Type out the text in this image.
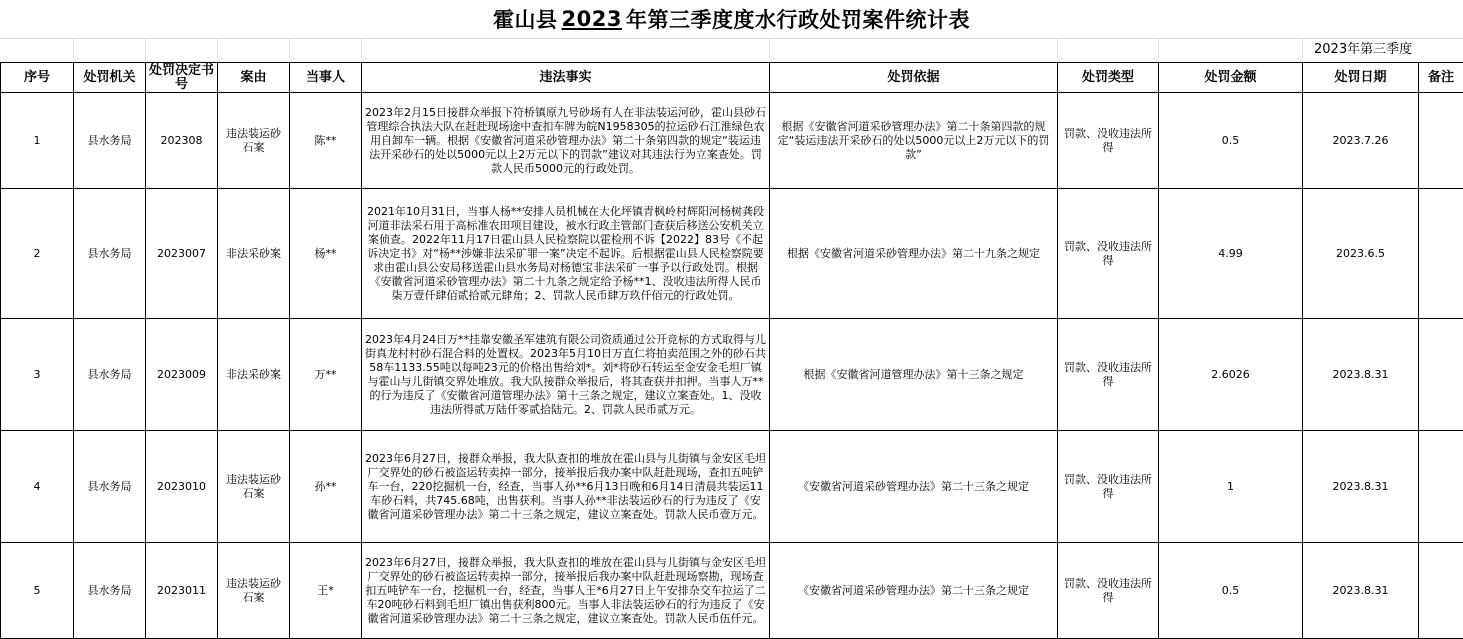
霍山县 2023 年第三季度度水行政处罚案件统计表
2023年第三季度
序号	处罚机关	处罚决定书号	案由	当事人	违法事实	处罚依据	处罚类型	处罚金额	处罚日期	备注
1	县水务局	202308	违法装运砂石案	陈**	2023年2月15日接群众举报下符桥镇原九号砂场有人在非法装运河砂，霍山县砂石管理综合执法大队在赶赴现场途中查扣车牌为皖N1958305的拉运砂石江淮绿色农用自卸车一辆。根据《安徽省河道采砂管理办法》第二十条第四款的规定“装运违法开采砂石的处以5000元以上2万元以下的罚款”建议对其违法行为立案查处。罚款人民币5000元的行政处罚。	根据《安徽省河道采砂管理办法》第二十条第四款的规定“装运违法开采砂石的处以5000元以上2万元以下的罚款”	罚款、没收违法所得	0.5	2023.7.26	
2	县水务局	2023007	非法采砂案	杨**	2021年10月31日，当事人杨**安排人员机械在大化坪镇青枫岭村辉阳河杨树龚段河道非法采石用于高标准农田项目建设，被水行政主管部门查获后移送公安机关立案侦查。2022年11月17日霍山县人民检察院以霍检刑不诉【2022】83号《不起诉决定书》对“杨**涉嫌非法采矿罪一案”决定不起诉。后根据霍山县人民检察院要求由霍山县公安局移送霍山县水务局对杨德宝非法采矿一事予以行政处罚。根据《安徽省河道采砂管理办法》第二十九条之规定给予杨**1、没收违法所得人民币柒万壹仟肆佰贰拾贰元肆角；2、罚款人民币肆万玖仟佰元的行政处罚。	根据《安徽省河道采砂管理办法》第二十九条之规定	罚款、没收违法所得	4.99	2023.6.5	
3	县水务局	2023009	非法采砂案	万**	2023年4月24日万**挂靠安徽圣军建筑有限公司资质通过公开竞标的方式取得与儿街真龙村村砂石混合料的处置权。2023年5月10日万直仁将拍卖范围之外的砂石共58车1133.55吨以每吨23元的价格出售给刘*。刘*将砂石转运至金安金毛坦厂镇与霍山与儿街镇交界处堆放。我大队接群众举报后，将其查获并扣押。当事人万**的行为违反了《安徽省河道管理办法》第十三条之规定，建议立案查处。1、没收违法所得贰万陆仟零贰拾陆元。2、罚款人民币贰万元。	根据《安徽省河道管理办法》第十三条之规定	罚款、没收违法所得	2.6026	2023.8.31	
4	县水务局	2023010	违法装运砂石案	孙**	2023年6月27日，接群众举报，我大队查扣的堆放在霍山县与儿街镇与金安区毛坦厂交界处的砂石被盗运转卖掉一部分，接举报后我办案中队赶赴现场，查扣五吨铲车一台，220挖掘机一台，经查，当事人孙**6月13日晚和6月14日清晨共装运11车砂石料，共745.68吨，出售获利。当事人孙**非法装运砂石的行为违反了《安徽省河道采砂管理办法》第二十三条之规定，建议立案查处。罚款人民币壹万元。	《安徽省河道采砂管理办法》第二十三条之规定	罚款、没收违法所得	1	2023.8.31	
5	县水务局	2023011	违法装运砂石案	王*	2023年6月27日，接群众举报，我大队查扣的堆放在霍山县与儿街镇与金安区毛坦厂交界处的砂石被盗运转卖掉一部分，接举报后我办案中队赶赴现场察勘，现场查扣五吨铲车一台，挖掘机一台，经查，当事人王*6月27日上午安排杂交车拉运了二车20吨砂石料到毛坦厂镇出售获利800元。当事人非法装运砂石的行为违反了《安徽省河道采砂管理办法》第二十三条之规定，建议立案查处。罚款人民币伍仟元。	《安徽省河道采砂管理办法》第二十三条之规定	罚款、没收违法所得	0.5	2023.8.31	
